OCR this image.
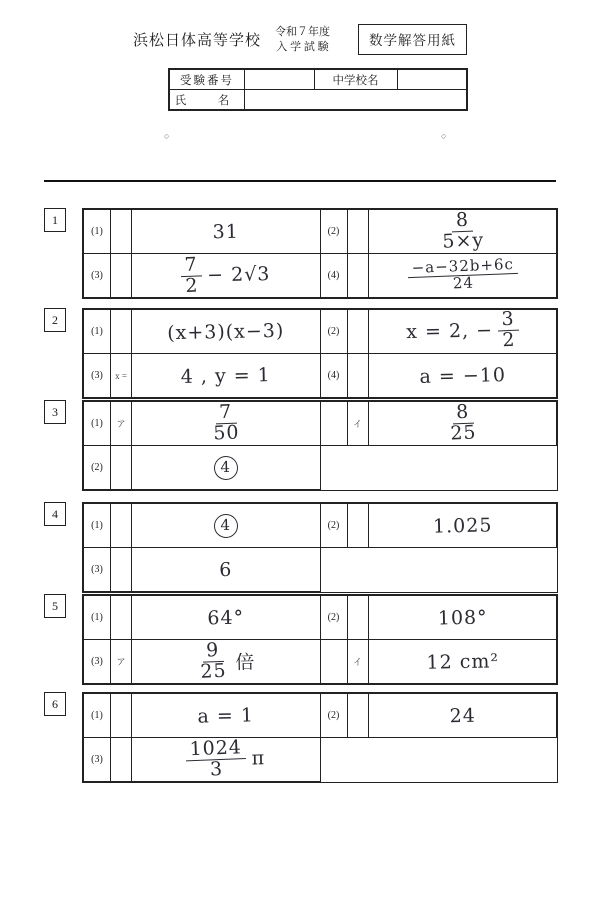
浜松日体高等学校
令和７年度
入 学 試 験	数学解答用紙
受験番号		中学校名	
氏　名			
○	○
1
(1)		31	(2)		$\frac{8}{5\times y}$

(3)		$\frac{7}{2} - 2√3$	(4)		$\frac{-a-32b+6c}{24}$
2
(1)		(x+3)(x−3)	(2)		x = 2, − $\frac{3}{2}$

(3)	x =	4 , y = 1	(4)		a = −10
3
(1)	ア	$\frac{7}{50}$		イ	$\frac{8}{25}$

(2)		4			

4
(1)		4	(2)		1.025

(3)		6			

5
(1)		64°	(2)		108°

(3)	ア	$\frac{9}{25}$ 倍		イ	12 cm²
6
(1)		a = 1	(2)		24

(3)		$\frac{1024}{3}$ π			
